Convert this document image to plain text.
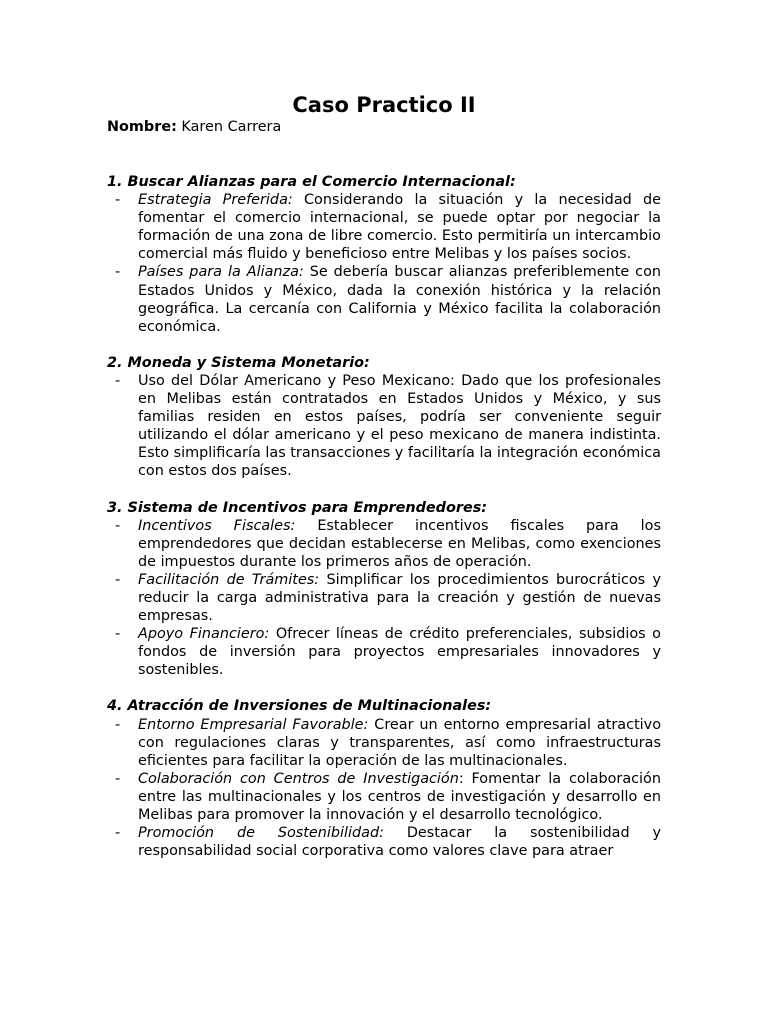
Caso Practico II
Nombre: Karen Carrera
1. Buscar Alianzas para el Comercio Internacional:
- Estrategia Preferida: Considerando la situación y la necesidad de fomentar el comercio internacional, se puede optar por negociar la formación de una zona de libre comercio. Esto permitiría un intercambio comercial más fluido y beneficioso entre Melibas y los países socios.
- Países para la Alianza: Se debería buscar alianzas preferiblemente con Estados Unidos y México, dada la conexión histórica y la relación geográfica. La cercanía con California y México facilita la colaboración económica.
2. Moneda y Sistema Monetario:
- Uso del Dólar Americano y Peso Mexicano: Dado que los profesionales en Melibas están contratados en Estados Unidos y México, y sus familias residen en estos países, podría ser conveniente seguir utilizando el dólar americano y el peso mexicano de manera indistinta. Esto simplificaría las transacciones y facilitaría la integración económica con estos dos países.
3. Sistema de Incentivos para Emprendedores:
- Incentivos Fiscales: Establecer incentivos fiscales para los emprendedores que decidan establecerse en Melibas, como exenciones de impuestos durante los primeros años de operación.
- Facilitación de Trámites: Simplificar los procedimientos burocráticos y reducir la carga administrativa para la creación y gestión de nuevas empresas.
- Apoyo Financiero: Ofrecer líneas de crédito preferenciales, subsidios o fondos de inversión para proyectos empresariales innovadores y sostenibles.
4. Atracción de Inversiones de Multinacionales:
- Entorno Empresarial Favorable: Crear un entorno empresarial atractivo con regulaciones claras y transparentes, así como infraestructuras eficientes para facilitar la operación de las multinacionales.
- Colaboración con Centros de Investigación: Fomentar la colaboración entre las multinacionales y los centros de investigación y desarrollo en Melibas para promover la innovación y el desarrollo tecnológico.
- Promoción de Sostenibilidad: Destacar la sostenibilidad y responsabilidad social corporativa como valores clave para atraer
